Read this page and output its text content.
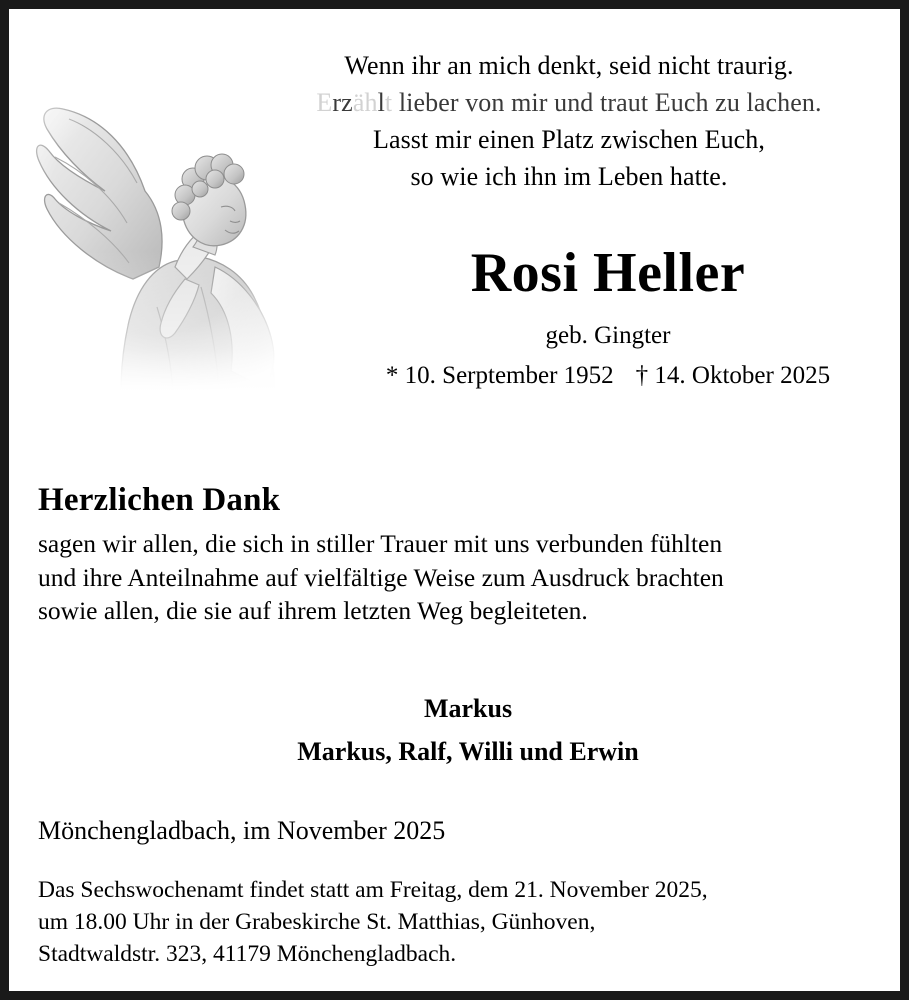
Wenn ihr an mich denkt, seid nicht traurig.
Erzählt lieber von mir und traut Euch zu lachen.
Lasst mir einen Platz zwischen Euch,
so wie ich ihn im Leben hatte.
Rosi Heller
geb. Gingter
* 10. Serptember 1952 † 14. Oktober 2025
Herzlichen Dank
sagen wir allen, die sich in stiller Trauer mit uns verbunden fühlten
und ihre Anteilnahme auf vielfältige Weise zum Ausdruck brachten
sowie allen, die sie auf ihrem letzten Weg begleiteten.
Markus
Markus, Ralf, Willi und Erwin
Mönchengladbach, im November 2025
Das Sechswochenamt findet statt am Freitag, dem 21. November 2025,
um 18.00 Uhr in der Grabeskirche St. Matthias, Günhoven,
Stadtwaldstr. 323, 41179 Mönchengladbach.
